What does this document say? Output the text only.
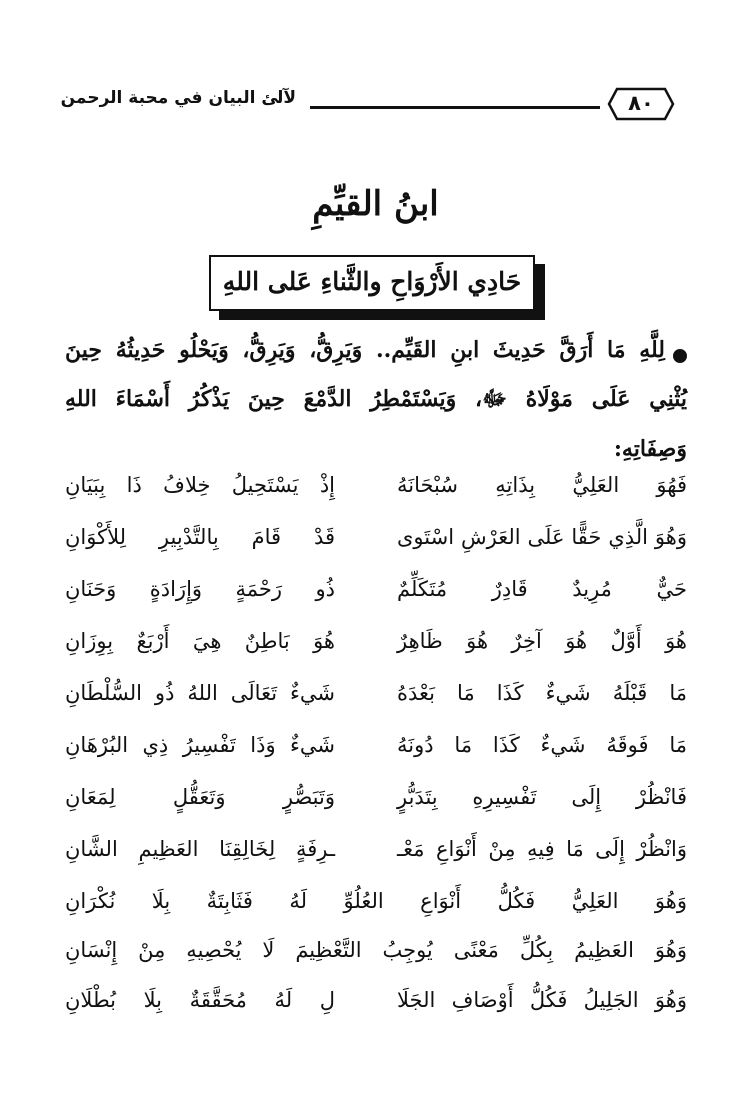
لآلئ البيان في محبة الرحمن	٨٠
ابنُ القيِّمِ
حَادِي الأَرْوَاحِ والثَّناءِ عَلى اللهِ
لِلَّهِ مَا أَرَقَّ حَدِيثَ ابنِ القَيِّم.. وَيَرِقُّ، وَيَرِقُّ، وَيَحْلُو حَدِيثُهُ حِينَ
يُثْنِي عَلَى مَوْلَاهُ ﷻ، وَيَسْتَمْطِرُ الدَّمْعَ حِينَ يَذْكُرُ أَسْمَاءَ اللهِ
وَصِفَاتِهِ:
فَهُوَ العَلِيُّ بِذَاتِهِ سُبْحَانَهُ
إِذْ يَسْتَحِيلُ خِلافُ ذَا بِبَيَانِ
وَهُوَ الَّذِي حَقًّا عَلَى العَرْشِ اسْتَوى
قَدْ قَامَ بِالتَّدْبِيرِ لِلأَكْوَانِ
حَيٌّ مُرِيدٌ قَادِرٌ مُتَكَلِّمٌ
ذُو رَحْمَةٍ وَإِرَادَةٍ وَحَنَانِ
هُوَ أَوَّلٌ هُوَ آخِرٌ هُوَ ظَاهِرٌ
هُوَ بَاطِنٌ هِيَ أَرْبَعٌ بِوِزَانِ
مَا قَبْلَهُ شَيءٌ كَذَا مَا بَعْدَهُ
شَيءٌ تَعَالَى اللهُ ذُو السُّلْطَانِ
مَا فَوقَهُ شَيءٌ كَذَا مَا دُونَهُ
شَيءٌ وَذَا تَفْسِيرُ ذِي البُرْهَانِ
فَانْظُرْ إِلَى تَفْسِيرِهِ بِتَدَبُّرٍ
وَتَبَصُّرٍ وَتَعَقُّلٍ لِمَعَانِ
وَانْظُرْ إِلَى مَا فِيهِ مِنْ أَنْوَاعِ مَعْـ
ـرِفَةٍ لِخَالِقِنَا العَظِيمِ الشَّانِ
وَهُوَ العَلِيُّ فَكُلُّ أَنْوَاعِ العُلُوِّ لَهُ فَثَابِتَةٌ بِلَا نُكْرَانِ
وَهُوَ العَظِيمُ بِكُلِّ مَعْنًى يُوجِبُ التَّعْظِيمَ لَا يُحْصِيهِ مِنْ إِنْسَانِ
وَهُوَ الجَلِيلُ فَكُلُّ أَوْصَافِ الجَلَا
لِ لَهُ مُحَقَّقَةٌ بِلَا بُطْلَانِ
